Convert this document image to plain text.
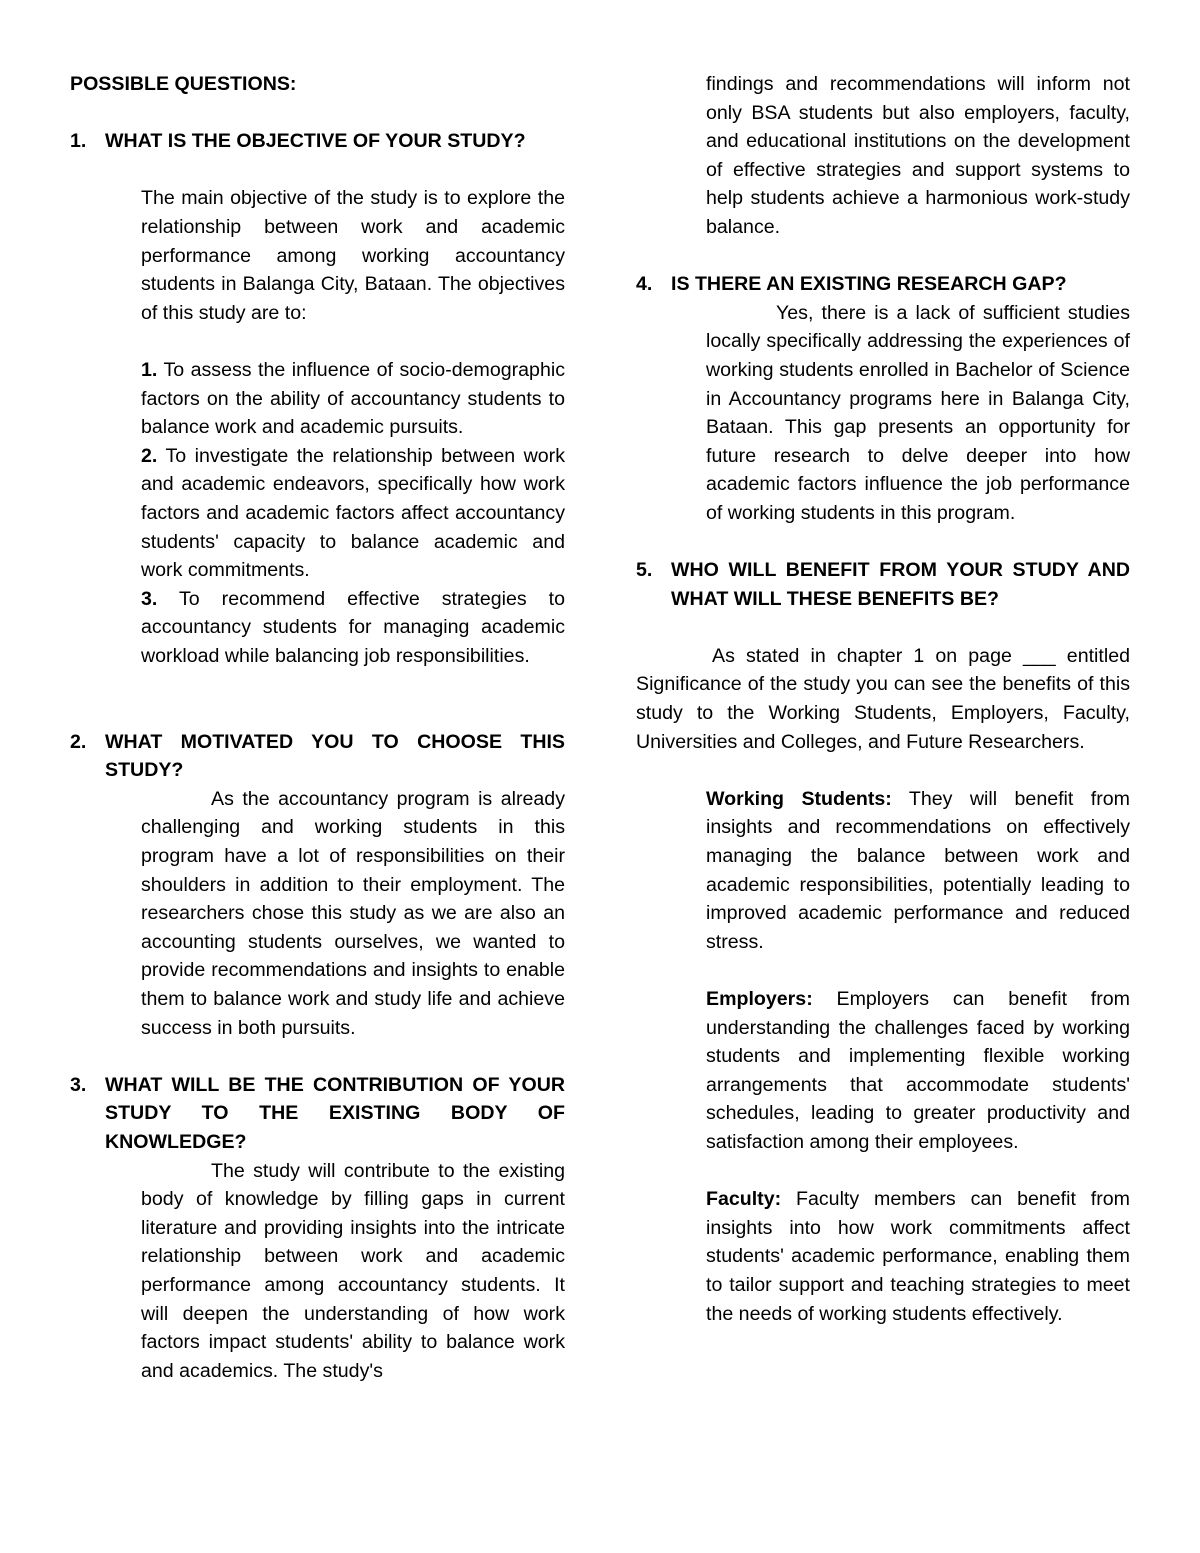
POSSIBLE QUESTIONS:

1. WHAT IS THE OBJECTIVE OF YOUR STUDY?

The main objective of the study is to explore the relationship between work and academic performance among working accountancy students in Balanga City, Bataan. The objectives of this study are to:

1. To assess the influence of socio-demographic factors on the ability of accountancy students to balance work and academic pursuits.

2. To investigate the relationship between work and academic endeavors, specifically how work factors and academic factors affect accountancy students' capacity to balance academic and work commitments.

3. To recommend effective strategies to accountancy students for managing academic workload while balancing job responsibilities.

2. WHAT MOTIVATED YOU TO CHOOSE THIS STUDY?

As the accountancy program is already challenging and working students in this program have a lot of responsibilities on their shoulders in addition to their employment. The researchers chose this study as we are also an accounting students ourselves, we wanted to provide recommendations and insights to enable them to balance work and study life and achieve success in both pursuits.

3. WHAT WILL BE THE CONTRIBUTION OF YOUR STUDY TO THE EXISTING BODY OF KNOWLEDGE?

The study will contribute to the existing body of knowledge by filling gaps in current literature and providing insights into the intricate relationship between work and academic performance among accountancy students. It will deepen the understanding of how work factors impact students' ability to balance work and academics. The study's

findings and recommendations will inform not only BSA students but also employers, faculty, and educational institutions on the development of effective strategies and support systems to help students achieve a harmonious work-study balance.

4. IS THERE AN EXISTING RESEARCH GAP?

Yes, there is a lack of sufficient studies locally specifically addressing the experiences of working students enrolled in Bachelor of Science in Accountancy programs here in Balanga City, Bataan. This gap presents an opportunity for future research to delve deeper into how academic factors influence the job performance of working students in this program.

5. WHO WILL BENEFIT FROM YOUR STUDY AND WHAT WILL THESE BENEFITS BE?

As stated in chapter 1 on page ___ entitled Significance of the study you can see the benefits of this study to the Working Students, Employers, Faculty, Universities and Colleges, and Future Researchers.

Working Students: They will benefit from insights and recommendations on effectively managing the balance between work and academic responsibilities, potentially leading to improved academic performance and reduced stress.

Employers: Employers can benefit from understanding the challenges faced by working students and implementing flexible working arrangements that accommodate students' schedules, leading to greater productivity and satisfaction among their employees.

Faculty: Faculty members can benefit from insights into how work commitments affect students' academic performance, enabling them to tailor support and teaching strategies to meet the needs of working students effectively.
